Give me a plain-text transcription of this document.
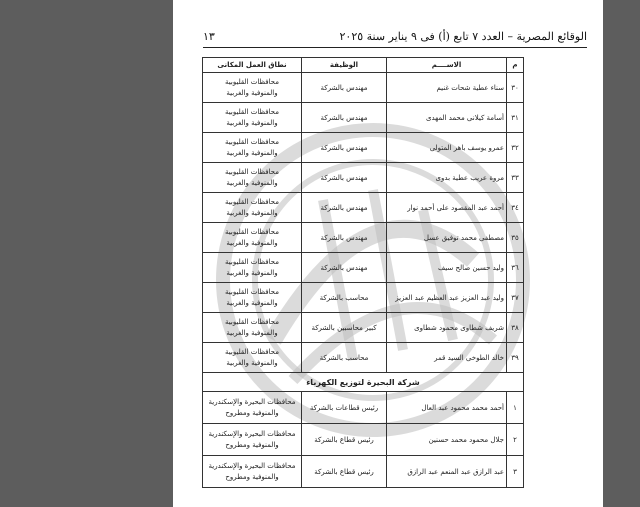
الوقائع المصرية – العدد ٧ تابع (أ) فى ٩ يناير سنة ٢٠٢٥
١٣
م	الاســــم	الوظيفة	نطاق العمل المكانى
٣٠	سناء عطية شحات غنيم	مهندس بالشركة	محافظات القليوبية
والمنوفية والغربية

٣١	أسامة كيلانى محمد المهدى	مهندس بالشركة	محافظات القليوبية
والمنوفية والغربية

٣٢	عمرو يوسف باهر المتولى	مهندس بالشركة	محافظات القليوبية
والمنوفية والغربية

٣٣	مروة عريب عطية بدوى	مهندس بالشركة	محافظات القليوبية
والمنوفية والغربية

٣٤	أحمد عبد المقصود على أحمد نوار	مهندس بالشركة	محافظات القليوبية
والمنوفية والغربية

٣٥	مصطفى محمد توفيق عسل	مهندس بالشركة	محافظات القليوبية
والمنوفية والغربية

٣٦	وليد حسين صالح سيف	مهندس بالشركة	محافظات القليوبية
والمنوفية والغربية

٣٧	وليد عبد العزيز عبد العظيم عبد العزيز	محاسب بالشركة	محافظات القليوبية
والمنوفية والغربية

٣٨	شريف شطاوى محمود شطاوى	كبير محاسبين بالشركة	محافظات القليوبية
والمنوفية والغربية

٣٩	خالد الطوخى السيد قمر	محاسب بالشركة	محافظات القليوبية
والمنوفية والغربية

شركة البحيرة لتوزيع الكهرباء			
١	أحمد محمد محمود عبد العال	رئيس قطاعات بالشركة	محافظات البحيرة والإسكندرية
والمنوفية ومطروح

٢	جلال محمود محمد حسنين	رئيس قطاع بالشركة	محافظات البحيرة والإسكندرية
والمنوفية ومطروح

٣	عبد الرازق عبد المنعم عبد الرازق	رئيس قطاع بالشركة	محافظات البحيرة والإسكندرية
والمنوفية ومطروح
